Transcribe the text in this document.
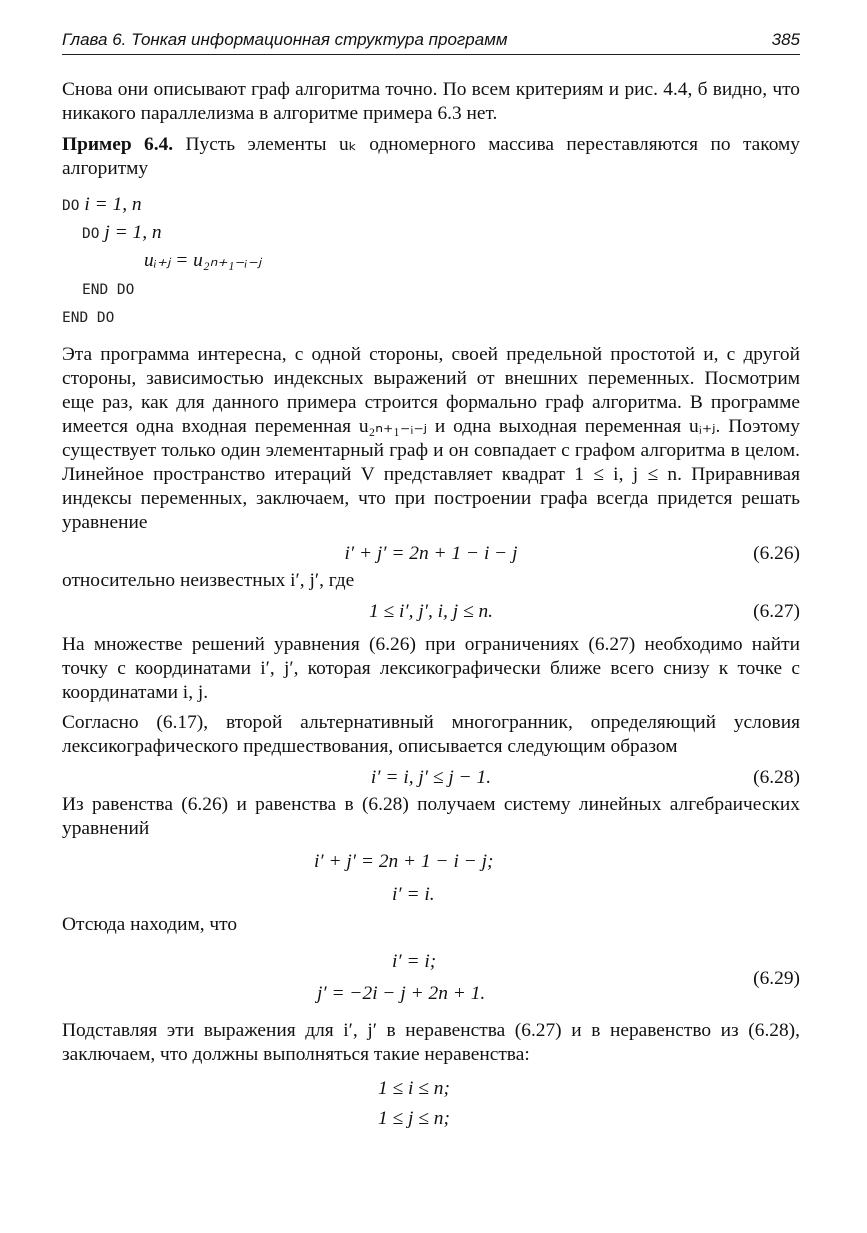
Глава 6. Тонкая информационная структура программ	385

Снова они описывают граф алгоритма точно. По всем критериям и рис. 4.4, б видно, что никакого параллелизма в алгоритме примера 6.3 нет.

Пример 6.4. Пусть элементы uₖ одномерного массива переставляются по такому алгоритму

DO i = 1, n
DO j = 1, n
uᵢ₊ⱼ = u₂ₙ₊₁₋ᵢ₋ⱼ
END DO
END DO

Эта программа интересна, с одной стороны, своей предельной простотой и, с другой стороны, зависимостью индексных выражений от внешних переменных. Посмотрим еще раз, как для данного примера строится формально граф алгоритма. В программе имеется одна входная переменная u₂ₙ₊₁₋ᵢ₋ⱼ и одна выходная переменная uᵢ₊ⱼ. Поэтому существует только один элементарный граф и он совпадает с графом алгоритма в целом. Линейное пространство итераций V представляет квадрат 1 ≤ i, j ≤ n. Приравнивая индексы переменных, заключаем, что при построении графа всегда придется решать уравнение

i′ + j′ = 2n + 1 − i − j	(6.26)

относительно неизвестных i′, j′, где

1 ≤ i′, j′, i, j ≤ n.	(6.27)

На множестве решений уравнения (6.26) при ограничениях (6.27) необходимо найти точку с координатами i′, j′, которая лексикографически ближе всего снизу к точке с координатами i, j.

Согласно (6.17), второй альтернативный многогранник, определяющий условия лексикографического предшествования, описывается следующим образом

i′ = i, j′ ≤ j − 1.	(6.28)

Из равенства (6.26) и равенства в (6.28) получаем систему линейных алгебраических уравнений

i′ + j′ = 2n + 1 − i − j;
i′ = i.

Отсюда находим, что

i′ = i;
j′ = −2i − j + 2n + 1.
(6.29)

Подставляя эти выражения для i′, j′ в неравенства (6.27) и в неравенство из (6.28), заключаем, что должны выполняться такие неравенства:

1 ≤ i ≤ n;
1 ≤ j ≤ n;
